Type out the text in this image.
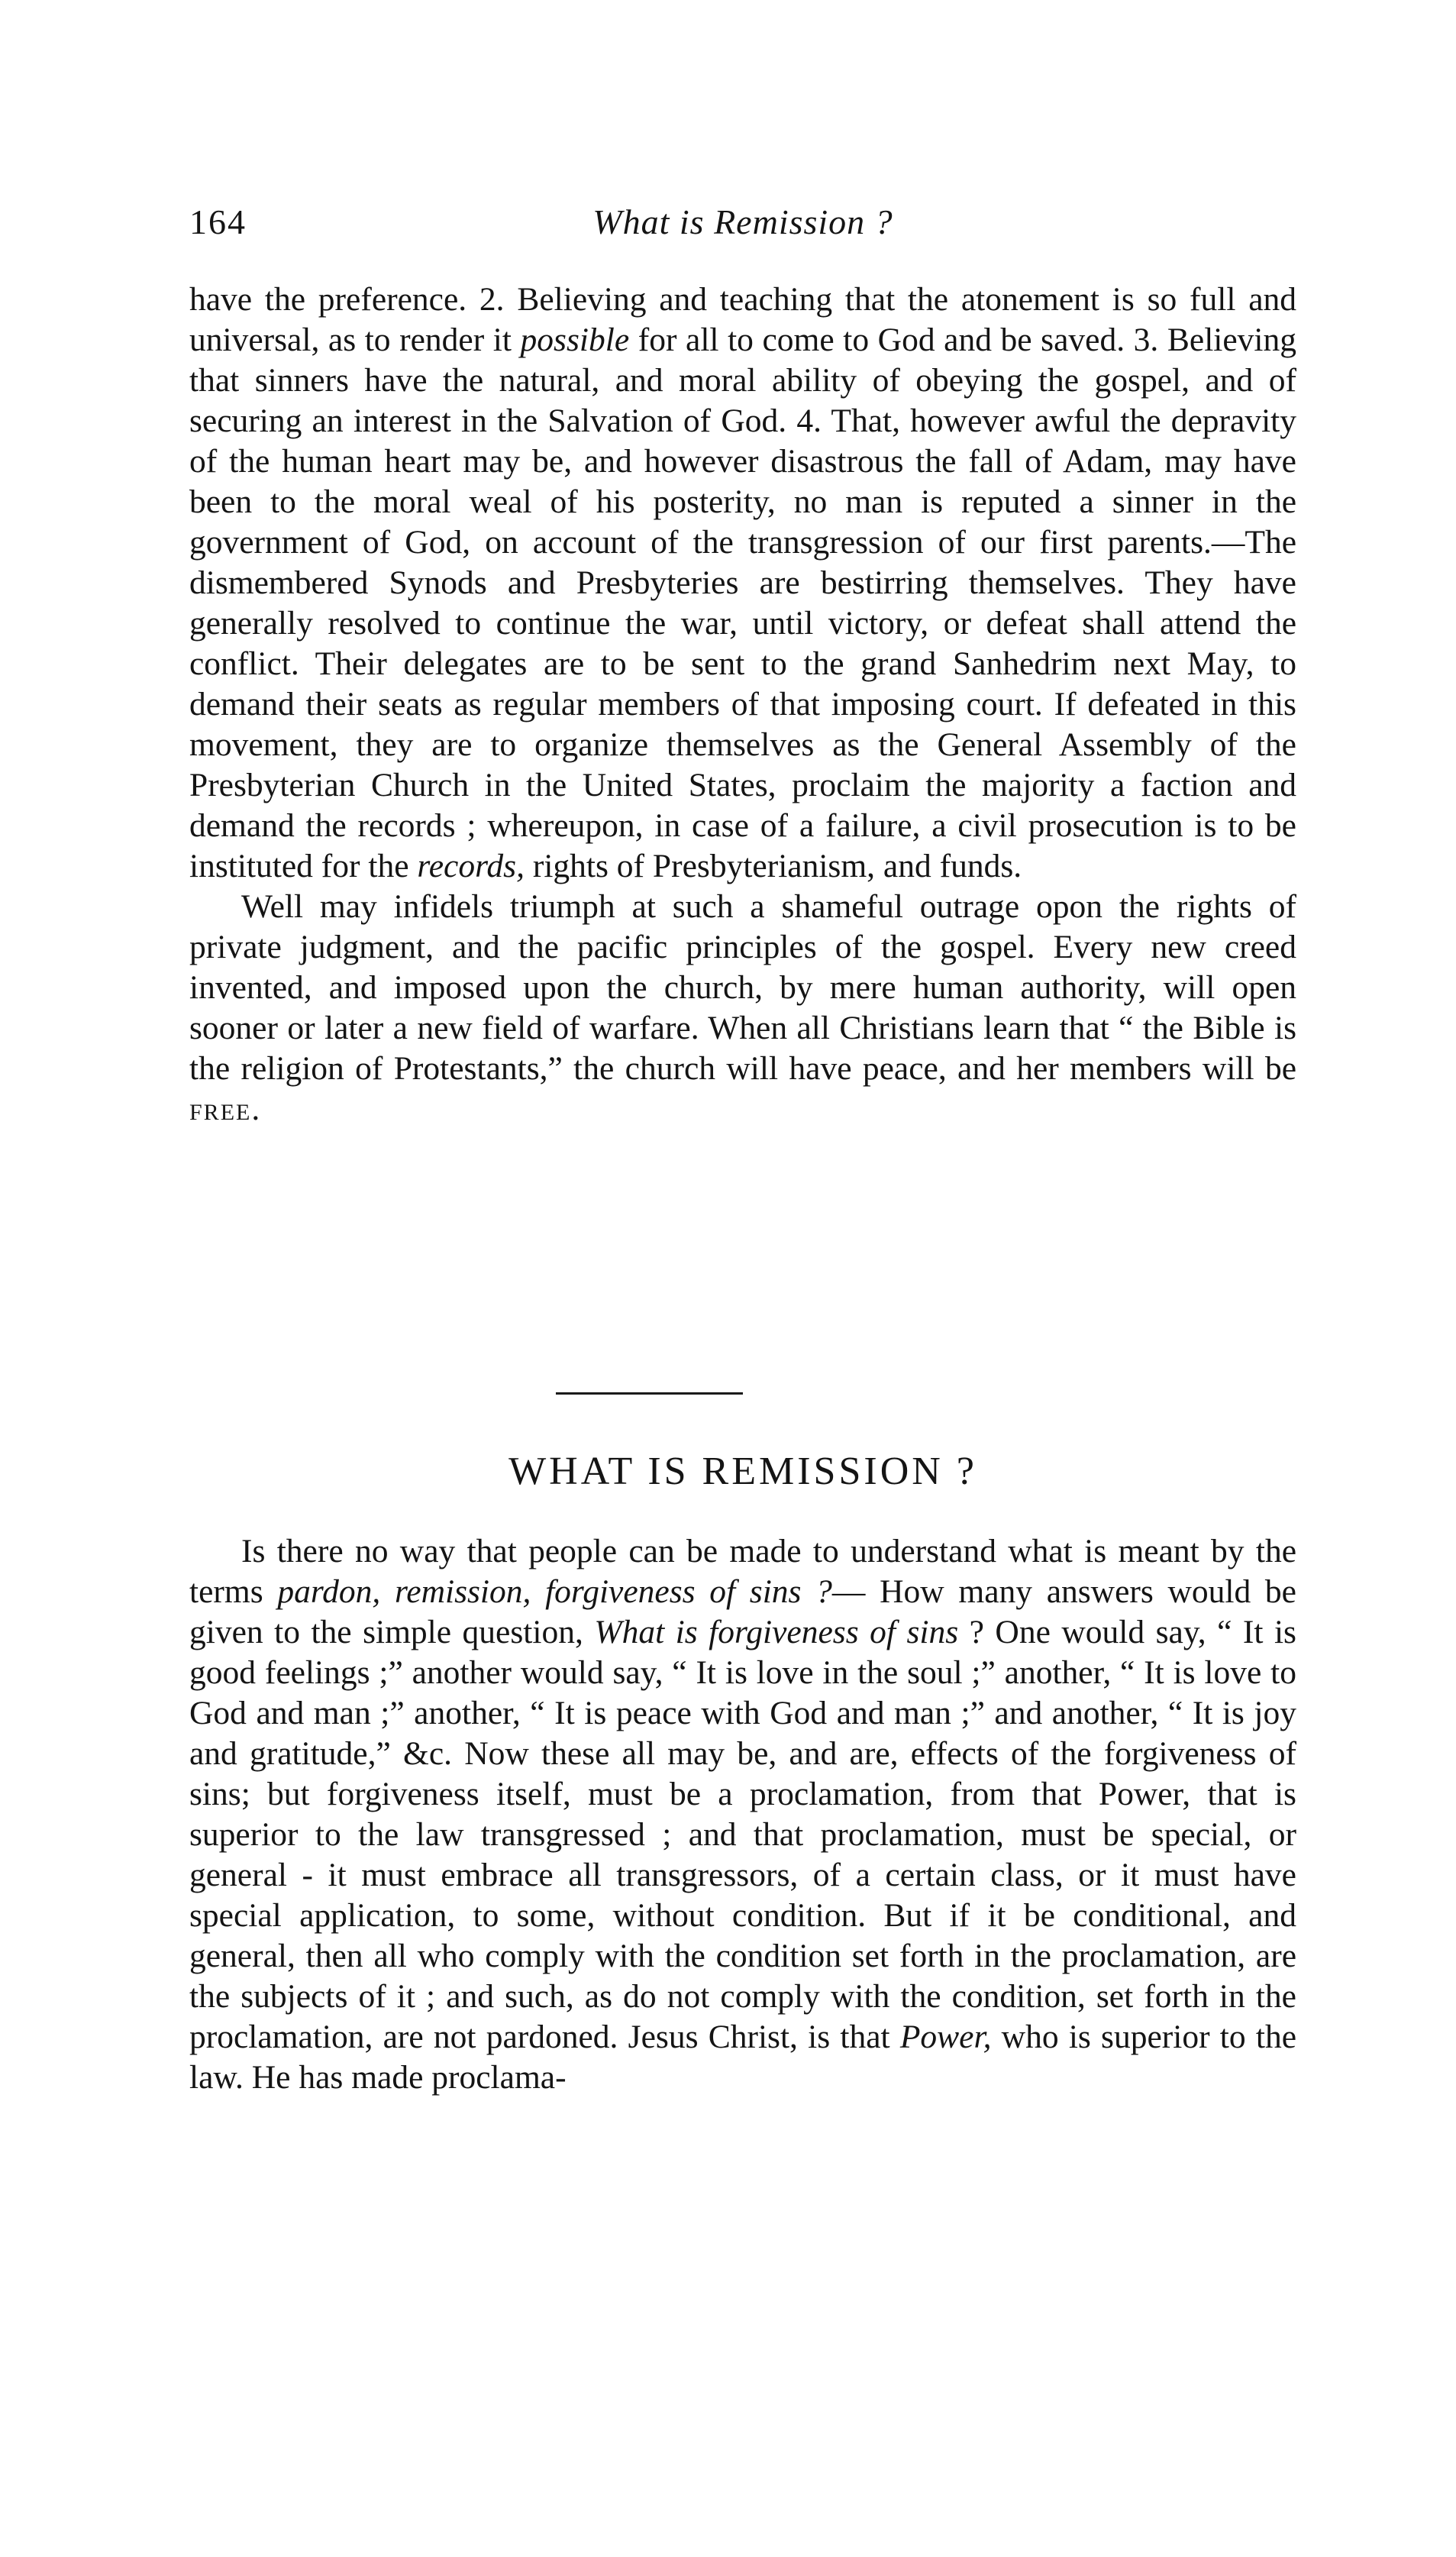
164	What is Remission ?

have the preference. 2. Believing and teaching that the atonement is so full and universal, as to render it possible for all to come to God and be saved. 3. Believing that sinners have the natural, and moral ability of obeying the gospel, and of securing an interest in the Salvation of God. 4. That, however awful the depravity of the human heart may be, and however disastrous the fall of Adam, may have been to the moral weal of his posterity, no man is reputed a sinner in the government of God, on account of the transgression of our first parents.—The dismembered Synods and Presbyteries are bestirring themselves. They have generally resolved to continue the war, until victory, or defeat shall attend the conflict. Their delegates are to be sent to the grand Sanhedrim next May, to demand their seats as regular members of that imposing court. If defeated in this movement, they are to organize themselves as the General Assembly of the Presbyterian Church in the United States, proclaim the majority a faction and demand the records ; whereupon, in case of a failure, a civil prosecution is to be instituted for the records, rights of Presbyterianism, and funds.

Well may infidels triumph at such a shameful outrage opon the rights of private judgment, and the pacific principles of the gospel. Every new creed invented, and imposed upon the church, by mere human authority, will open sooner or later a new field of warfare. When all Christians learn that “ the Bible is the religion of Protestants,” the church will have peace, and her members will be free.

WHAT IS REMISSION ?

Is there no way that people can be made to understand what is meant by the terms pardon, remission, forgiveness of sins ?— How many answers would be given to the simple question, What is forgiveness of sins ? One would say, “ It is good feelings ;” another would say, “ It is love in the soul ;” another, “ It is love to God and man ;” another, “ It is peace with God and man ;” and another, “ It is joy and gratitude,” &c. Now these all may be, and are, effects of the forgiveness of sins; but forgiveness itself, must be a proclamation, from that Power, that is superior to the law transgressed ; and that proclamation, must be special, or general - it must embrace all transgressors, of a certain class, or it must have special application, to some, without condition. But if it be conditional, and general, then all who comply with the condition set forth in the proclamation, are the subjects of it ; and such, as do not comply with the condition, set forth in the proclamation, are not pardoned. Jesus Christ, is that Power, who is superior to the law. He has made proclama-
